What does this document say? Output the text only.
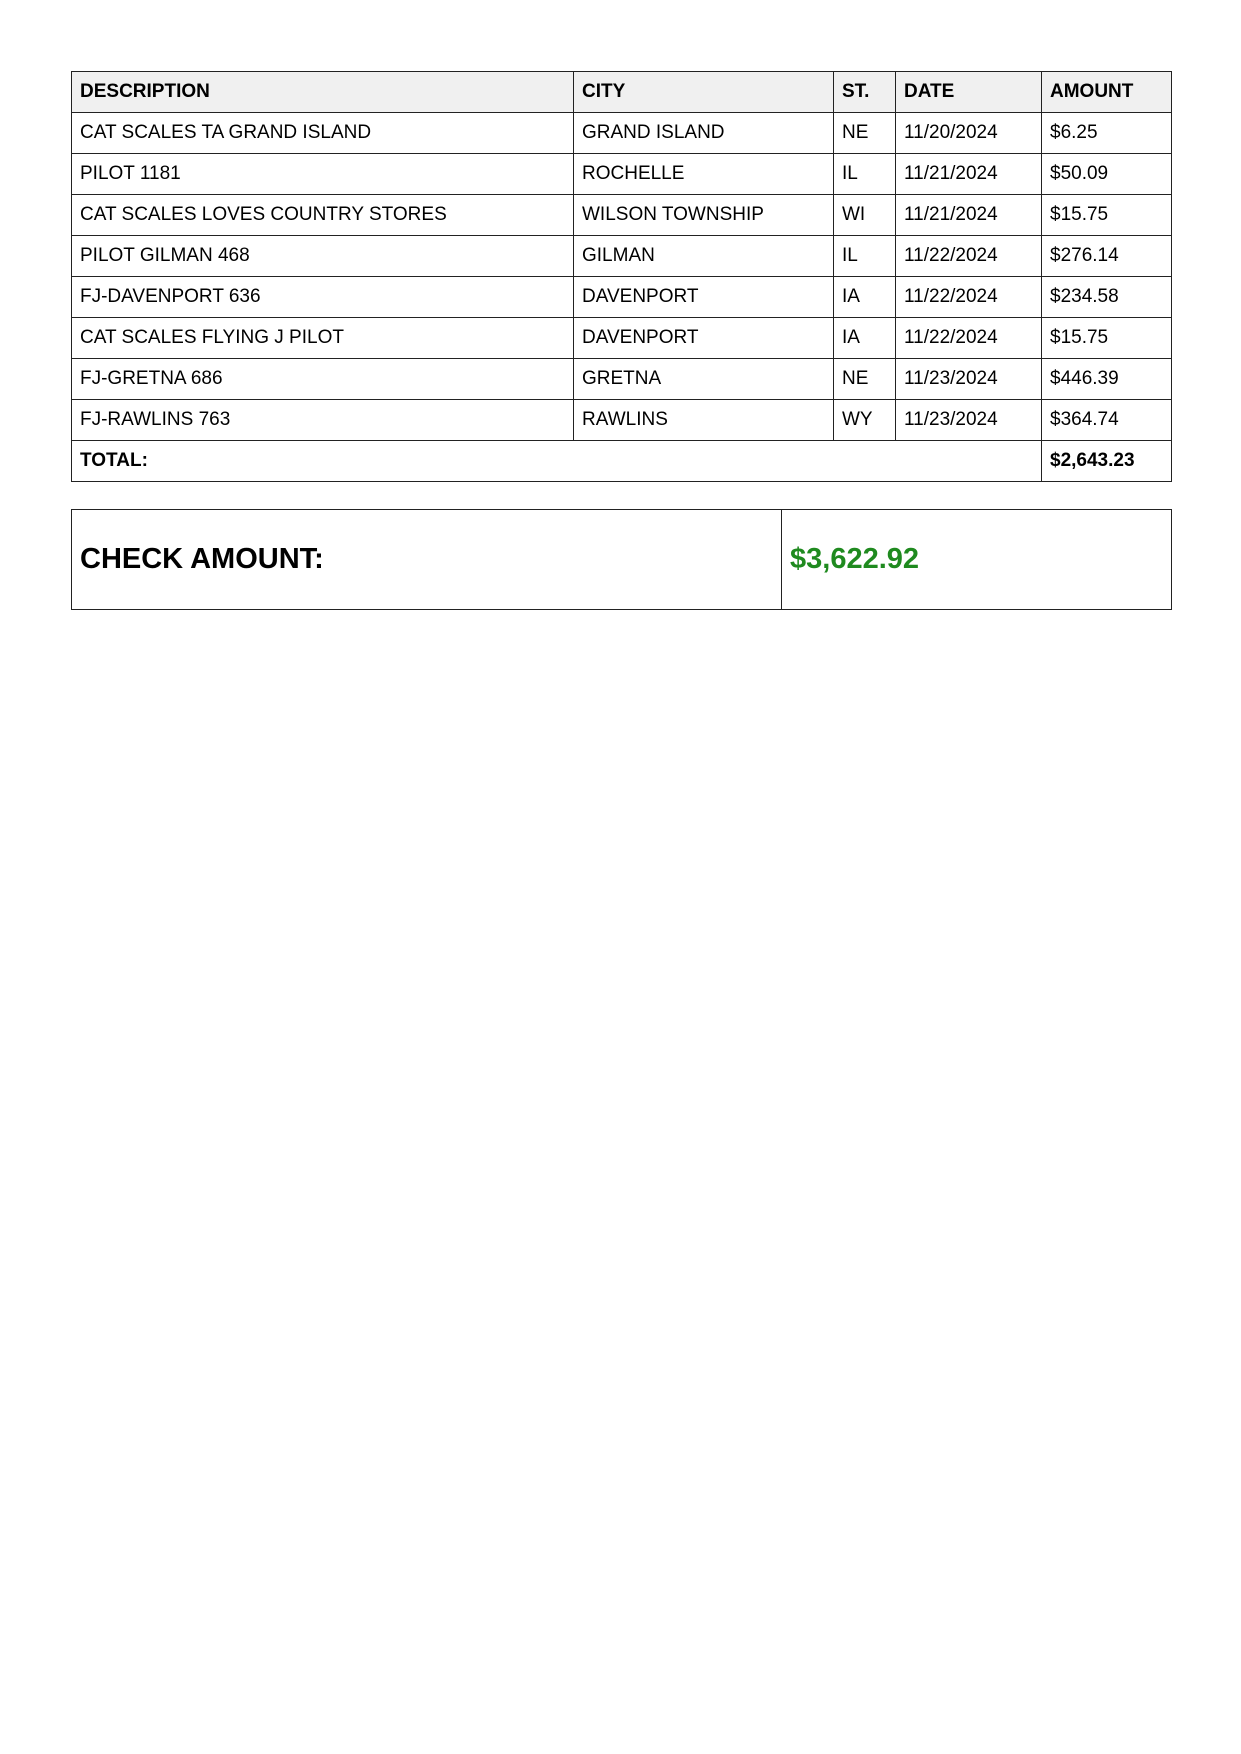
DESCRIPTION	CITY	ST.	DATE	AMOUNT
CAT SCALES TA GRAND ISLAND	GRAND ISLAND	NE	11/20/2024	$6.25
PILOT 1181	ROCHELLE	IL	11/21/2024	$50.09
CAT SCALES LOVES COUNTRY STORES	WILSON TOWNSHIP	WI	11/21/2024	$15.75
PILOT GILMAN 468	GILMAN	IL	11/22/2024	$276.14
FJ-DAVENPORT 636	DAVENPORT	IA	11/22/2024	$234.58
CAT SCALES FLYING J PILOT	DAVENPORT	IA	11/22/2024	$15.75
FJ-GRETNA 686	GRETNA	NE	11/23/2024	$446.39
FJ-RAWLINS 763	RAWLINS	WY	11/23/2024	$364.74
TOTAL:				$2,643.23
CHECK AMOUNT:	$3,622.92
